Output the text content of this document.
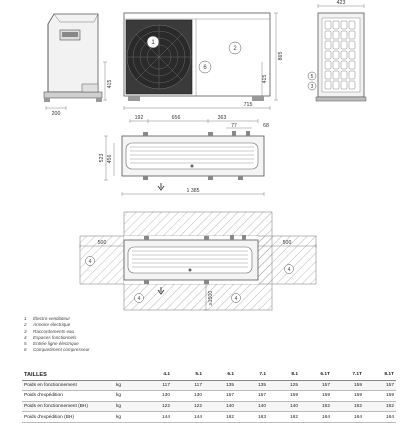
415
200
1
2
6
415
865
715
5
3
423
192	656	363
77	68
523 456
1 385
500	500
≥1500
4
4
4	4
1 Électro-ventilateur
2 Armoire électrique
3 Raccordements eau
4 Espaces fonctionnels
5 Entrée ligne électrique
6 Compartiment compresseur
TAILLES		4.1	5.1	6.1	7.1	8.1	6.1T	7.1T	8.1T
Poids en fonctionnement	kg	117	117	135	135	125	157	159	157
Poids d'expédition	kg	130	130	157	157	159	159	159	159
Poids en fonctionnement (BH)	kg	122	122	140	140	140	162	162	162
Poids d'expédition (BH)	kg	144	144	162	163	162	164	164	164
